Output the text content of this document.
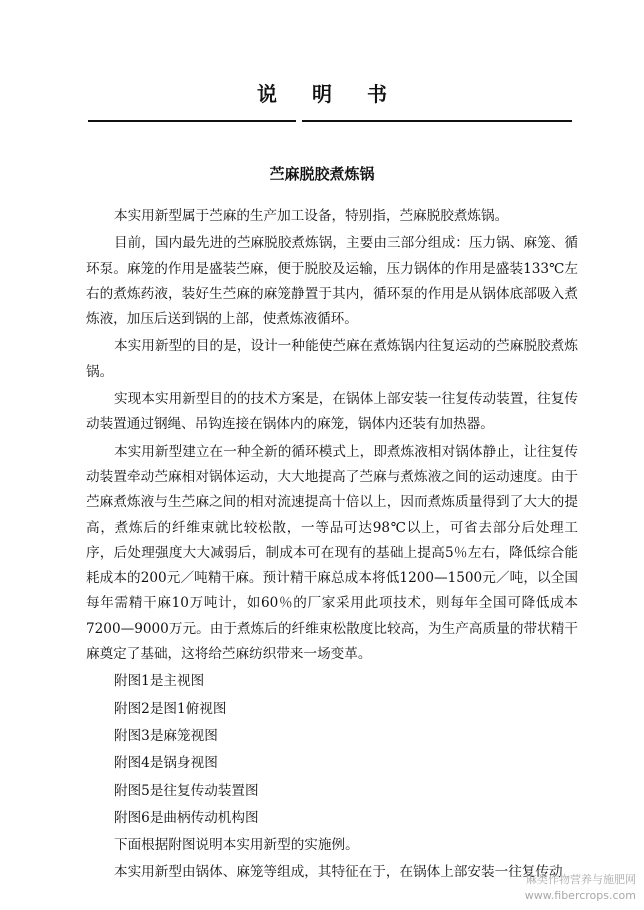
说 明 书
苎麻脱胶煮炼锅

本实用新型属于苎麻的生产加工设备，特别指，苎麻脱胶煮炼锅。

目前，国内最先进的苎麻脱胶煮炼锅，主要由三部分组成：压力锅、麻笼、循环泵。麻笼的作用是盛装苎麻，便于脱胶及运输，压力锅体的作用是盛装133℃左右的煮炼药液，装好生苎麻的麻笼静置于其内，循环泵的作用是从锅体底部吸入煮炼液，加压后送到锅的上部，使煮炼液循环。

本实用新型的目的是，设计一种能使苎麻在煮炼锅内往复运动的苎麻脱胶煮炼锅。

实现本实用新型目的的技术方案是，在锅体上部安装一往复传动装置，往复传动装置通过钢绳、吊钩连接在锅体内的麻笼，锅体内还装有加热器。

本实用新型建立在一种全新的循环模式上，即煮炼液相对锅体静止，让往复传动装置牵动苎麻相对锅体运动，大大地提高了苎麻与煮炼液之间的运动速度。由于苎麻煮炼液与生苎麻之间的相对流速提高十倍以上，因而煮炼质量得到了大大的提高，煮炼后的纤维束就比较松散，一等品可达98℃以上，可省去部分后处理工序，后处理强度大大减弱后，制成本可在现有的基础上提高5％左右，降低综合能耗成本的200元／吨精干麻。预计精干麻总成本将低1200—1500元／吨，以全国每年需精干麻10万吨计，如60％的厂家采用此项技术，则每年全国可降低成本7200—9000万元。由于煮炼后的纤维束松散度比较高，为生产高质量的带状精干麻奠定了基础，这将给苎麻纺织带来一场变革。

附图1是主视图

附图2是图1俯视图

附图3是麻笼视图

附图4是锅身视图

附图5是往复传动装置图

附图6是曲柄传动机构图

下面根据附图说明本实用新型的实施例。

本实用新型由锅体、麻笼等组成，其特征在于，在锅体上部安装一往复传动

麻类作物营养与施肥网
www.fibercrops.com
